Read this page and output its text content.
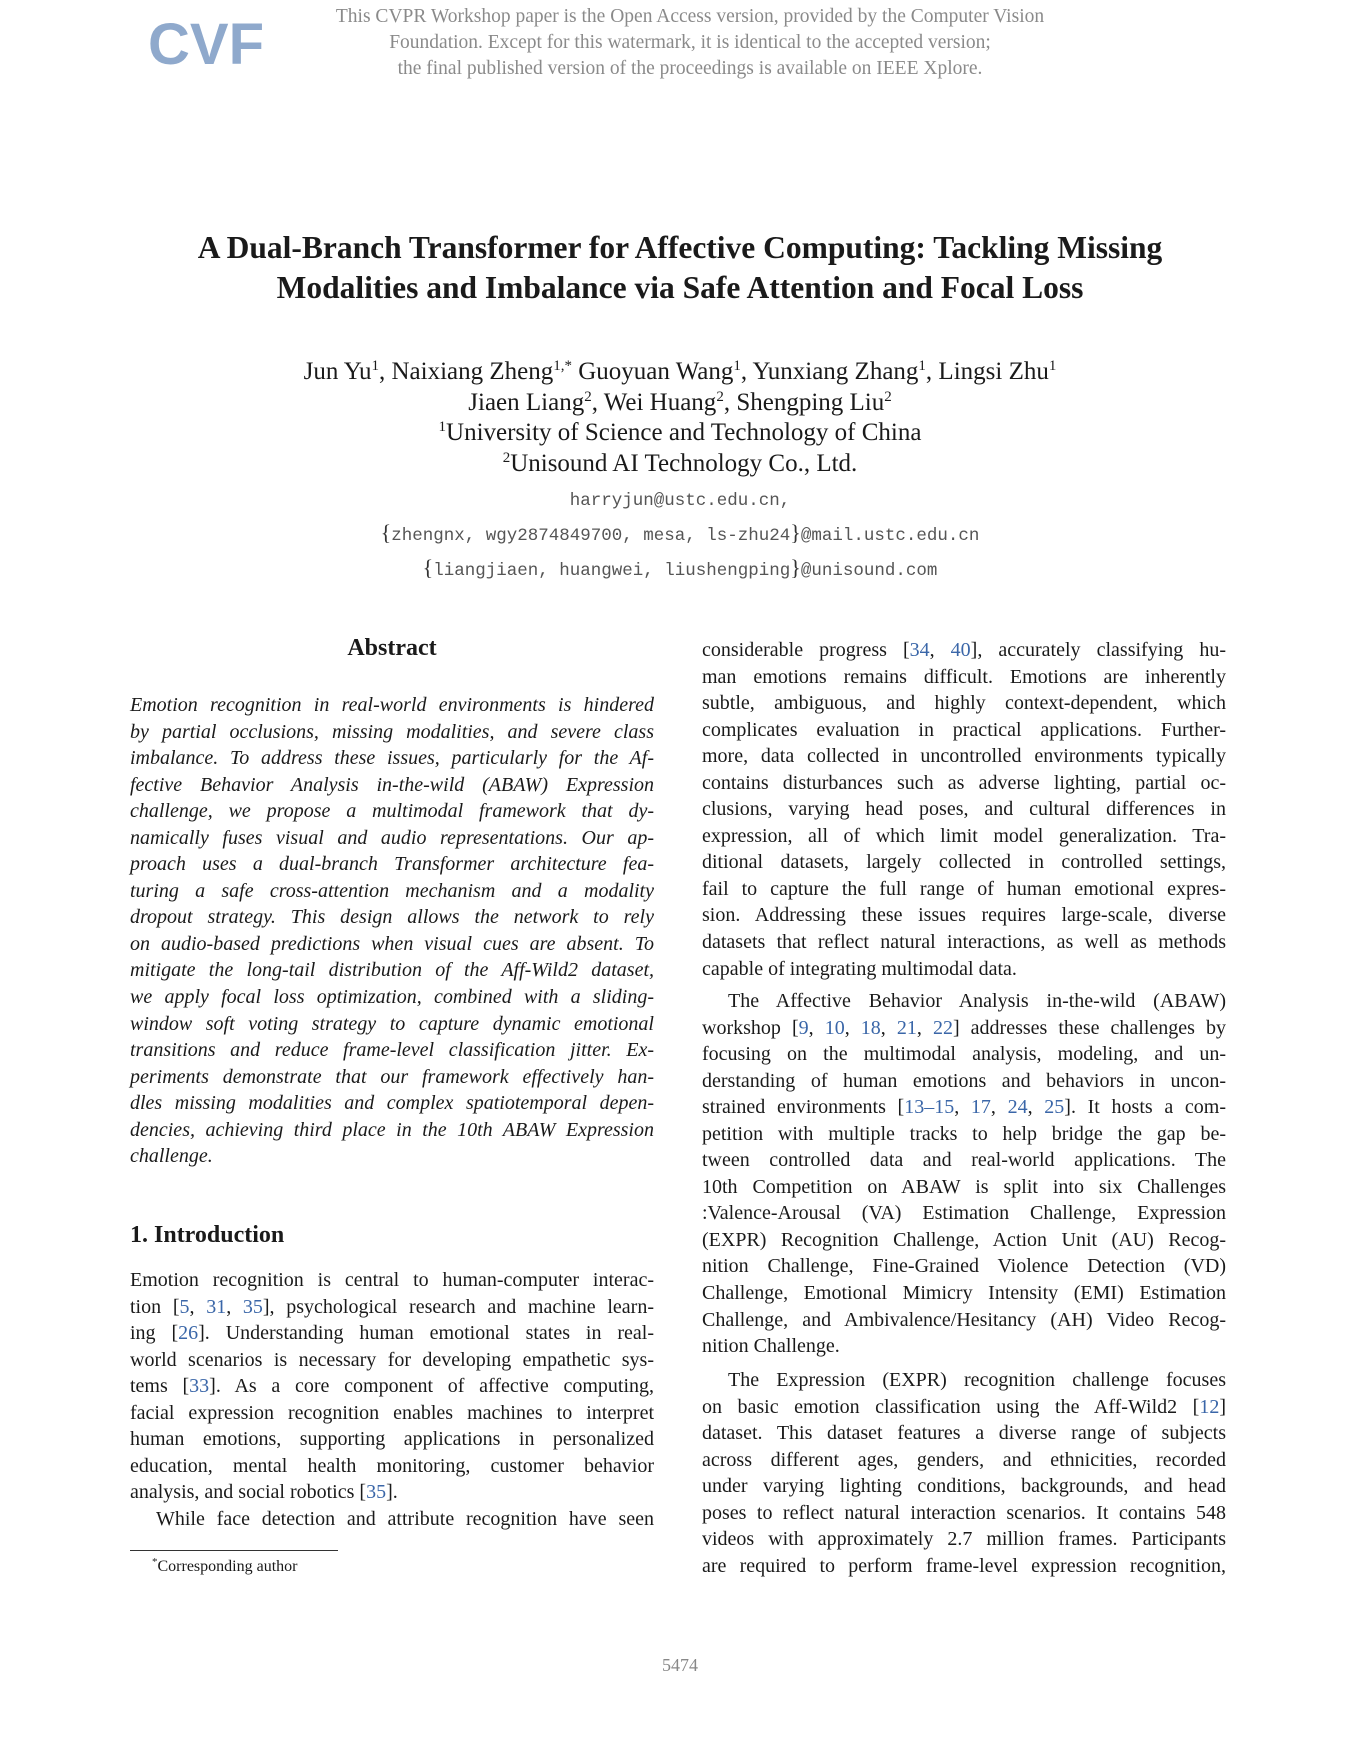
CVF	This CVPR Workshop paper is the Open Access version, provided by the Computer Vision
Foundation. Except for this watermark, it is identical to the accepted version;
the final published version of the proceedings is available on IEEE Xplore.
A Dual-Branch Transformer for Affective Computing: Tackling Missing
Modalities and Imbalance via Safe Attention and Focal Loss
Jun Yu$^1$, Naixiang Zheng$^{1,*}$ Guoyuan Wang$^1$, Yunxiang Zhang$^1$, Lingsi Zhu$^1$
Jiaen Liang$^2$, Wei Huang$^2$, Shengping Liu$^2$
$^1$University of Science and Technology of China
$^2$Unisound AI Technology Co., Ltd.
harryjun@ustc.edu.cn,
{zhengnx, wgy2874849700, mesa, ls-zhu24}@mail.ustc.edu.cn
{liangjiaen, huangwei, liushengping}@unisound.com
Abstract
Emotion recognition in real-world environments is hindered
by partial occlusions, missing modalities, and severe class
imbalance. To address these issues, particularly for the Af-
fective Behavior Analysis in-the-wild (ABAW) Expression
challenge, we propose a multimodal framework that dy-
namically fuses visual and audio representations. Our ap-
proach uses a dual-branch Transformer architecture fea-
turing a safe cross-attention mechanism and a modality
dropout strategy. This design allows the network to rely
on audio-based predictions when visual cues are absent. To
mitigate the long-tail distribution of the Aff-Wild2 dataset,
we apply focal loss optimization, combined with a sliding-
window soft voting strategy to capture dynamic emotional
transitions and reduce frame-level classification jitter. Ex-
periments demonstrate that our framework effectively han-
dles missing modalities and complex spatiotemporal depen-
dencies, achieving third place in the 10th ABAW Expression
challenge.
1. Introduction
Emotion recognition is central to human-computer interac-
tion [5, 31, 35], psychological research and machine learn-
ing [26]. Understanding human emotional states in real-
world scenarios is necessary for developing empathetic sys-
tems [33]. As a core component of affective computing,
facial expression recognition enables machines to interpret
human emotions, supporting applications in personalized
education, mental health monitoring, customer behavior
analysis, and social robotics [35].
While face detection and attribute recognition have seen
considerable progress [34, 40], accurately classifying hu-
man emotions remains difficult. Emotions are inherently
subtle, ambiguous, and highly context-dependent, which
complicates evaluation in practical applications. Further-
more, data collected in uncontrolled environments typically
contains disturbances such as adverse lighting, partial oc-
clusions, varying head poses, and cultural differences in
expression, all of which limit model generalization. Tra-
ditional datasets, largely collected in controlled settings,
fail to capture the full range of human emotional expres-
sion. Addressing these issues requires large-scale, diverse
datasets that reflect natural interactions, as well as methods
capable of integrating multimodal data.
The Affective Behavior Analysis in-the-wild (ABAW)
workshop [9, 10, 18, 21, 22] addresses these challenges by
focusing on the multimodal analysis, modeling, and un-
derstanding of human emotions and behaviors in uncon-
strained environments [13–15, 17, 24, 25]. It hosts a com-
petition with multiple tracks to help bridge the gap be-
tween controlled data and real-world applications. The
10th Competition on ABAW is split into six Challenges
:Valence-Arousal (VA) Estimation Challenge, Expression
(EXPR) Recognition Challenge, Action Unit (AU) Recog-
nition Challenge, Fine-Grained Violence Detection (VD)
Challenge, Emotional Mimicry Intensity (EMI) Estimation
Challenge, and Ambivalence/Hesitancy (AH) Video Recog-
nition Challenge.
The Expression (EXPR) recognition challenge focuses
on basic emotion classification using the Aff-Wild2 [12]
dataset. This dataset features a diverse range of subjects
across different ages, genders, and ethnicities, recorded
under varying lighting conditions, backgrounds, and head
poses to reflect natural interaction scenarios. It contains 548
videos with approximately 2.7 million frames. Participants
are required to perform frame-level expression recognition,
*Corresponding author
5474
